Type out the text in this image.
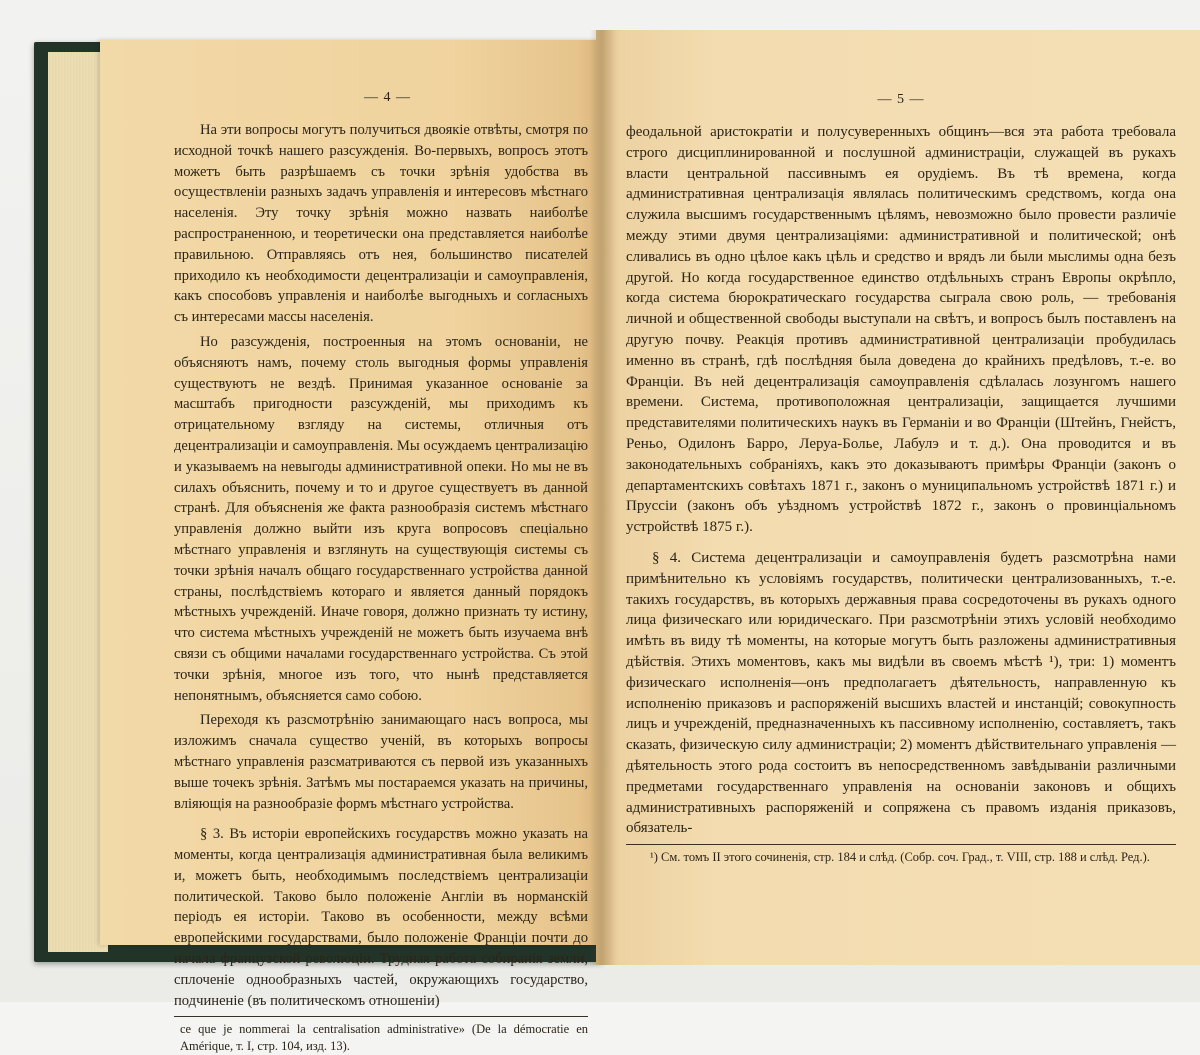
— 4 —

На эти вопросы могутъ получиться двоякіе отвѣты, смотря по исходной точкѣ нашего разсужденія. Во-первыхъ, вопросъ этотъ можетъ быть разрѣшаемъ съ точки зрѣнія удобства въ осуществленіи разныхъ задачъ управленія и интересовъ мѣстнаго населенія. Эту точку зрѣнія можно назвать наиболѣе распространенною, и теоретически она представляется наиболѣе правильною. Отправляясь отъ нея, большинство писателей приходило къ необходимости децентрализаціи и самоуправленія, какъ способовъ управленія и наиболѣе выгодныхъ и согласныхъ съ интересами массы населенія.

Но разсужденія, построенныя на этомъ основаніи, не объясняютъ намъ, почему столь выгодныя формы управленія существуютъ не вездѣ. Принимая указанное основаніе за масштабъ пригодности разсужденій, мы приходимъ къ отрицательному взгляду на системы, отличныя отъ децентрализаціи и самоуправленія. Мы осуждаемъ централизацію и указываемъ на невыгоды административной опеки. Но мы не въ силахъ объяснить, почему и то и другое существуетъ въ данной странѣ. Для объясненія же факта разнообразія системъ мѣстнаго управленія должно выйти изъ круга вопросовъ спеціально мѣстнаго управленія и взглянуть на существующія системы съ точки зрѣнія началъ общаго государственнаго устройства данной страны, послѣдствіемъ котораго и является данный порядокъ мѣстныхъ учрежденій. Иначе говоря, должно признать ту истину, что система мѣстныхъ учрежденій не можетъ быть изучаема внѣ связи съ общими началами государственнаго устройства. Съ этой точки зрѣнія, многое изъ того, что нынѣ представляется непонятнымъ, объясняется само собою.

Переходя къ разсмотрѣнію занимающаго насъ вопроса, мы изложимъ сначала существо ученій, въ которыхъ вопросы мѣстнаго управленія разсматриваются съ первой изъ указанныхъ выше точекъ зрѣнія. Затѣмъ мы постараемся указать на причины, вліяющія на разнообразіе формъ мѣстнаго устройства.

§ 3. Въ исторіи европейскихъ государствъ можно указать на моменты, когда централизація административная была великимъ и, можетъ быть, необходимымъ последствіемъ централизаціи политической. Таково было положеніе Англіи въ норманскій періодъ ея исторіи. Таково въ особенности, между всѣми европейскими государствами, было положеніе Франціи почти до начала французской революціи. Трудная работа собиранія земли, сплоченіе однообразныхъ частей, окружающихъ государство, подчиненіе (въ политическомъ отношеніи)

ce que je nommerai la centralisation administrative» (De la démocratie en Amérique, т. I, стр. 104, изд. 13).
— 5 —

феодальной аристократіи и полусуверенныхъ общинъ—вся эта работа требовала строго дисциплинированной и послушной администраціи, служащей въ рукахъ власти центральной пассивнымъ ея орудіемъ. Въ тѣ времена, когда административная централизація являлась политическимъ средствомъ, когда она служила высшимъ государственнымъ цѣлямъ, невозможно было провести различіе между этими двумя централизаціями: административной и политической; онѣ сливались въ одно цѣлое какъ цѣль и средство и врядъ ли были мыслимы одна безъ другой. Но когда государственное единство отдѣльныхъ странъ Европы окрѣпло, когда система бюрократическаго государства сыграла свою роль, — требованія личной и общественной свободы выступали на свѣтъ, и вопросъ былъ поставленъ на другую почву. Реакція противъ административной централизаціи пробудилась именно въ странѣ, гдѣ послѣдняя была доведена до крайнихъ предѣловъ, т.-е. во Франціи. Въ ней децентрализація самоуправленія сдѣлалась лозунгомъ нашего времени. Система, противоположная централизаціи, защищается лучшими представителями политическихъ наукъ въ Германіи и во Франціи (Штейнъ, Гнейстъ, Реньо, Одилонъ Барро, Леруа-Болье, Лабулэ и т. д.). Она проводится и въ законодательныхъ собраніяхъ, какъ это доказываютъ примѣры Франціи (законъ о департаментскихъ совѣтахъ 1871 г., законъ о муниципальномъ устройствѣ 1871 г.) и Пруссіи (законъ объ уѣздномъ устройствѣ 1872 г., законъ о провинціальномъ устройствѣ 1875 г.).

§ 4. Система децентрализаціи и самоуправленія будетъ разсмотрѣна нами примѣнительно къ условіямъ государствъ, политически централизованныхъ, т.-е. такихъ государствъ, въ которыхъ державныя права сосредоточены въ рукахъ одного лица физическаго или юридическаго. При разсмотрѣніи этихъ условій необходимо имѣть въ виду тѣ моменты, на которые могутъ быть разложены административныя дѣйствія. Этихъ моментовъ, какъ мы видѣли въ своемъ мѣстѣ ¹), три: 1) моментъ физическаго исполненія—онъ предполагаетъ дѣятельность, направленную къ исполненію приказовъ и распоряженій высшихъ властей и инстанцій; совокупность лицъ и учрежденій, предназначенныхъ къ пассивному исполненію, составляетъ, такъ сказать, физическую силу администраціи; 2) моментъ дѣйствительнаго управленія — дѣятельность этого рода состоитъ въ непосредственномъ завѣдываніи различными предметами государственнаго управленія на основаніи законовъ и общихъ административныхъ распоряженій и сопряжена съ правомъ изданія приказовъ, обязатель-

¹) См. томъ II этого сочиненія, стр. 184 и слѣд. (Собр. соч. Град., т. VIII, стр. 188 и слѣд. Ред.).
